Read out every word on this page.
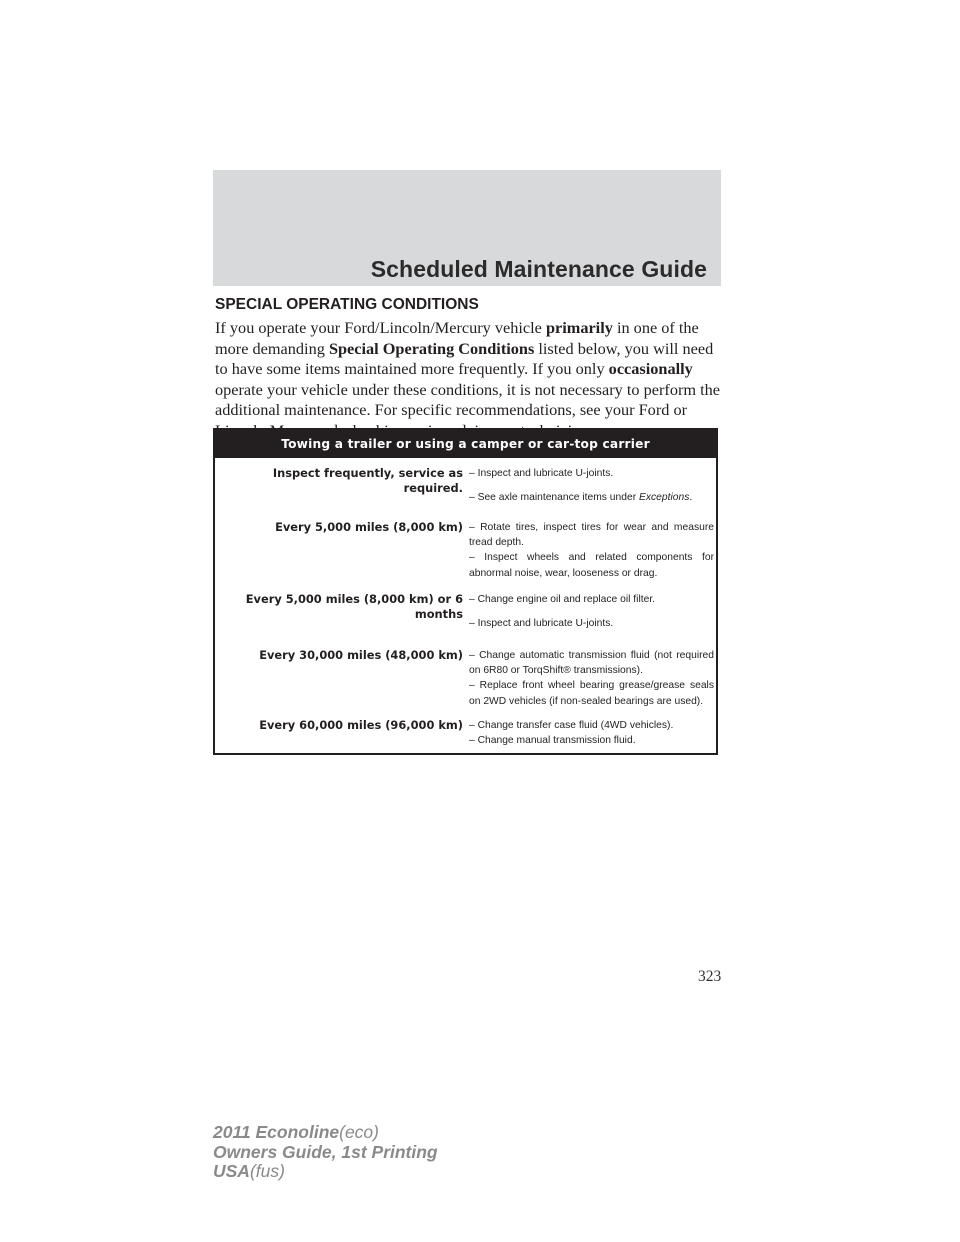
Scheduled Maintenance Guide
SPECIAL OPERATING CONDITIONS

If you operate your Ford/Lincoln/Mercury vehicle primarily in one of the more demanding Special Operating Conditions listed below, you will need to have some items maintained more frequently. If you only occasionally operate your vehicle under these conditions, it is not necessary to perform the additional maintenance. For specific recommendations, see your Ford or

Towing a trailer or using a camper or car-top carrier
Inspect frequently, service as required.
– Inspect and lubricate U-joints.
– See axle maintenance items under Exceptions.
Every 5,000 miles (8,000 km) – Rotate tires, inspect tires for wear and measure tread depth.
– Inspect wheels and related components for abnormal noise, wear, looseness or drag.
Every 5,000 miles (8,000 km) or 6 months
– Change engine oil and replace oil filter.
– Inspect and lubricate U-joints.
Every 30,000 miles (48,000 km) – Change automatic transmission fluid (not required on 6R80 or TorqShift® transmissions).
– Replace front wheel bearing grease/grease seals on 2WD vehicles (if non-sealed bearings are used).
Every 60,000 miles (96,000 km) – Change transfer case fluid (4WD vehicles).
– Change manual transmission fluid.
323
2011 Econoline(eco)
Owners Guide, 1st Printing
USA(fus)
